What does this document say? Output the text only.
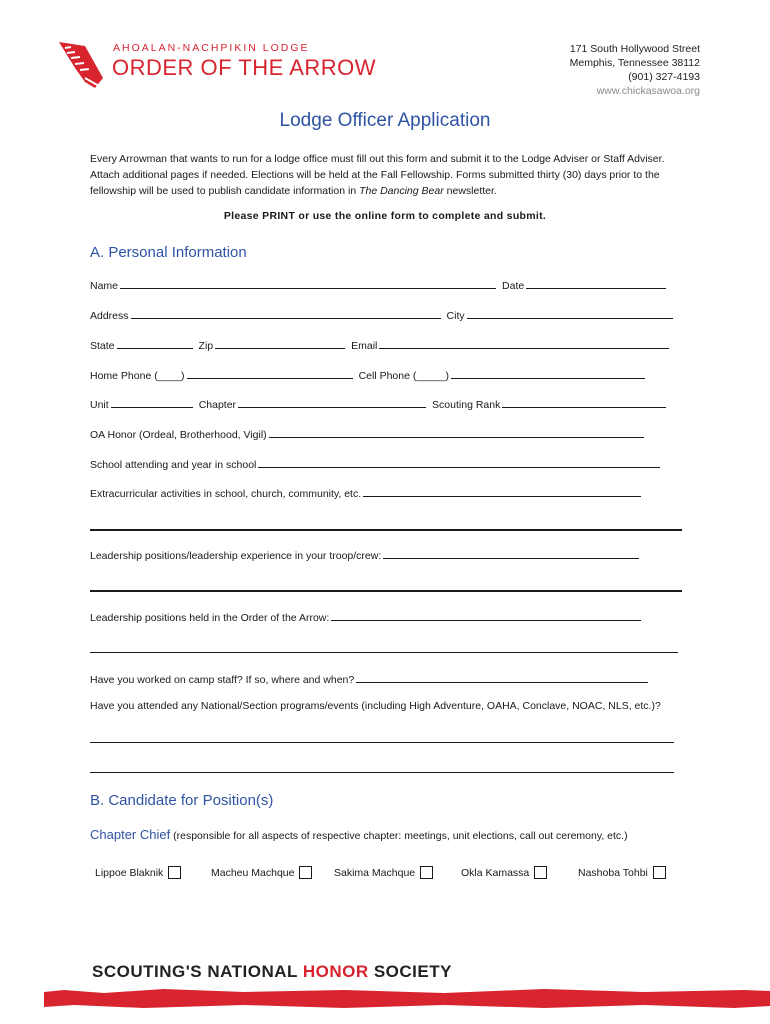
AHOALAN-NACHPIKIN LODGE
ORDER OF THE ARROW
171 South Hollywood Street
Memphis, Tennessee 38112
(901) 327-4193
www.chickasawoa.org
Lodge Officer Application
Every Arrowman that wants to run for a lodge office must fill out this form and submit it to the Lodge Adviser or Staff Adviser. Attach additional pages if needed. Elections will be held at the Fall Fellowship. Forms submitted thirty (30) days prior to the fellowship will be used to publish candidate information in The Dancing Bear newsletter.
Please PRINT or use the online form to complete and submit.
A. Personal Information
Name	Date
Address	City
State	Zip	Email
Home Phone (____)	Cell Phone (_____)
Unit	Chapter	Scouting Rank
OA Honor (Ordeal, Brotherhood, Vigil)
School attending and year in school
Extracurricular activities in school, church, community, etc.
Leadership positions/leadership experience in your troop/crew:
Leadership positions held in the Order of the Arrow:
Have you worked on camp staff? If so, where and when?
Have you attended any National/Section programs/events (including High Adventure, OAHA, Conclave, NOAC, NLS, etc.)?
B. Candidate for Position(s)
Chapter Chief (responsible for all aspects of respective chapter: meetings, unit elections, call out ceremony, etc.)
Lippoe Blaknik	Macheu Machque	Sakima Machque	Okla Kamassa	Nashoba Tohbi
SCOUTING'S NATIONAL HONOR SOCIETY
